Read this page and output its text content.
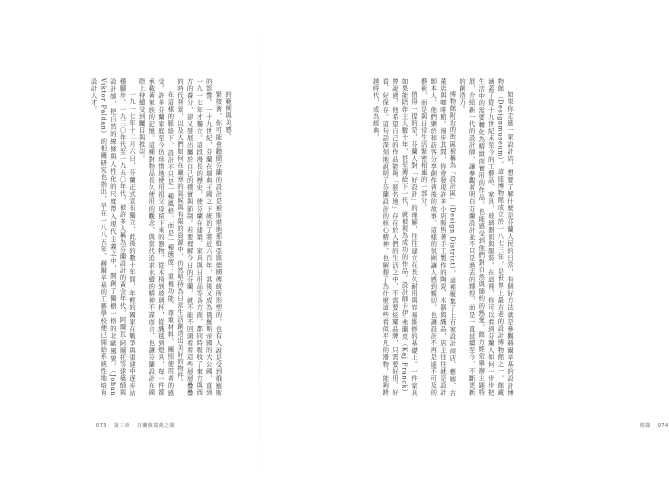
的範例與美感。

緊接著，你可能會聽聞芬蘭的設計是被斯堪地那維亞與德國傳統所形塑的，也有人說是受到俄羅斯的影響。一十九世紀，芬蘭在瑞典王國之下統治了將近六百年，其後又成為俄羅斯帝國的大公國，直到一九一七年才獨立。這段漫長的歷史，使芬蘭在建築、家具與日用品等各方面，都同時吸收了東方與西方的養分，卻又發展出屬於自己的樸實與節制。若要理解今日的芬蘭，就不能不回頭看看這些層層疊疊的時代背景，以及人們如何在嚴寒的氣候與有限的資源中，仍然堅持為日常生活創造出美好的物件。

在這樣的脈絡下，設計不只是一種風格，而是一種態度：重視功能、尊重材料、關照使用者的感受。許多芬蘭家庭至今仍珍惜地使用祖父母留下來的器物，從木椅到玻璃杯，從織毯到燈具，每一件都承載著家族的記憶。這種對物品長久使用的觀念，與當代追求永續的精神不謀而合，也讓芬蘭設計在國際上持續受到矚目與推崇。

一九一七年十二月六日，芬蘭正式宣布獨立，此後的數十年間，年輕的國家在戰爭與重建中逐步站穩腳步。一九三〇年代至一九五〇年代，被許多人稱為芬蘭設計的黃金年代，阿爾瓦‧阿爾托等建築師與設計師，把自然的線條與人性化的尺度帶入現代主義之中，開創了獨樹一格的北歐風貌。（Johan Viktor Paldan）的相關研究也指出，早在一八八五年，赫爾辛基的工藝學校便已開始系統性地培育設計人才。

073 第三章 芬蘭與瑞典之間

如果你走進一家設計店，想要了解什麼是芬蘭人民的日常，有個好方法就是參觀赫爾辛基的設計博物館（Designmuseum）。這座博物館成立於一八七三年，是世界上最古老的設計博物館之一，館藏涵蓋了從十九世紀末至今的工藝品、家具、玻璃器皿與服裝。在這裡，你可以看到芬蘭人如何一步步把生活中的需要轉化為精緻而實用的作品，也能感受到他們對自然與簡約的熱愛。館方經常舉辦主題特展，介紹新一代的設計師，讓參觀者明白芬蘭設計並不只是過去的輝煌，而是一直延續至今、不斷更新的創造力。

博物館附近的街區被稱為「設計區」（Design District），這裡聚集了上百家設計商店、藝廊、古董店與咖啡館。漫步其間，你會發現許多小店販售著手工製作的陶瓷、木器與織品，店主往往就是設計師本人，他們樂於和訪客分享創作背後的故事。這樣的氛圍讓人感到親切，也讓設計不再是遙不可及的藝術，而是與日常生活緊密相連的一部分。

值得一提的是，芬蘭人對「好設計」的理解，往往建立在長久耐用與容易維修的基礎上。一件家具如果能陪伴主人數十年，甚至傳給下一代，就被視為成功的作品。設計師卡伊‧弗蘭克（Kaj Franck）曾說過，他希望自己的作品能夠「匿名地」存在於人們的生活之中，不需要炫耀品牌，只需要好用、好看、好保存。這句話深刻地說明了芬蘭設計的核心精神，也解釋了為什麼這些看似平凡的器物，能夠跨越時代，成為經典。

附錄 074
